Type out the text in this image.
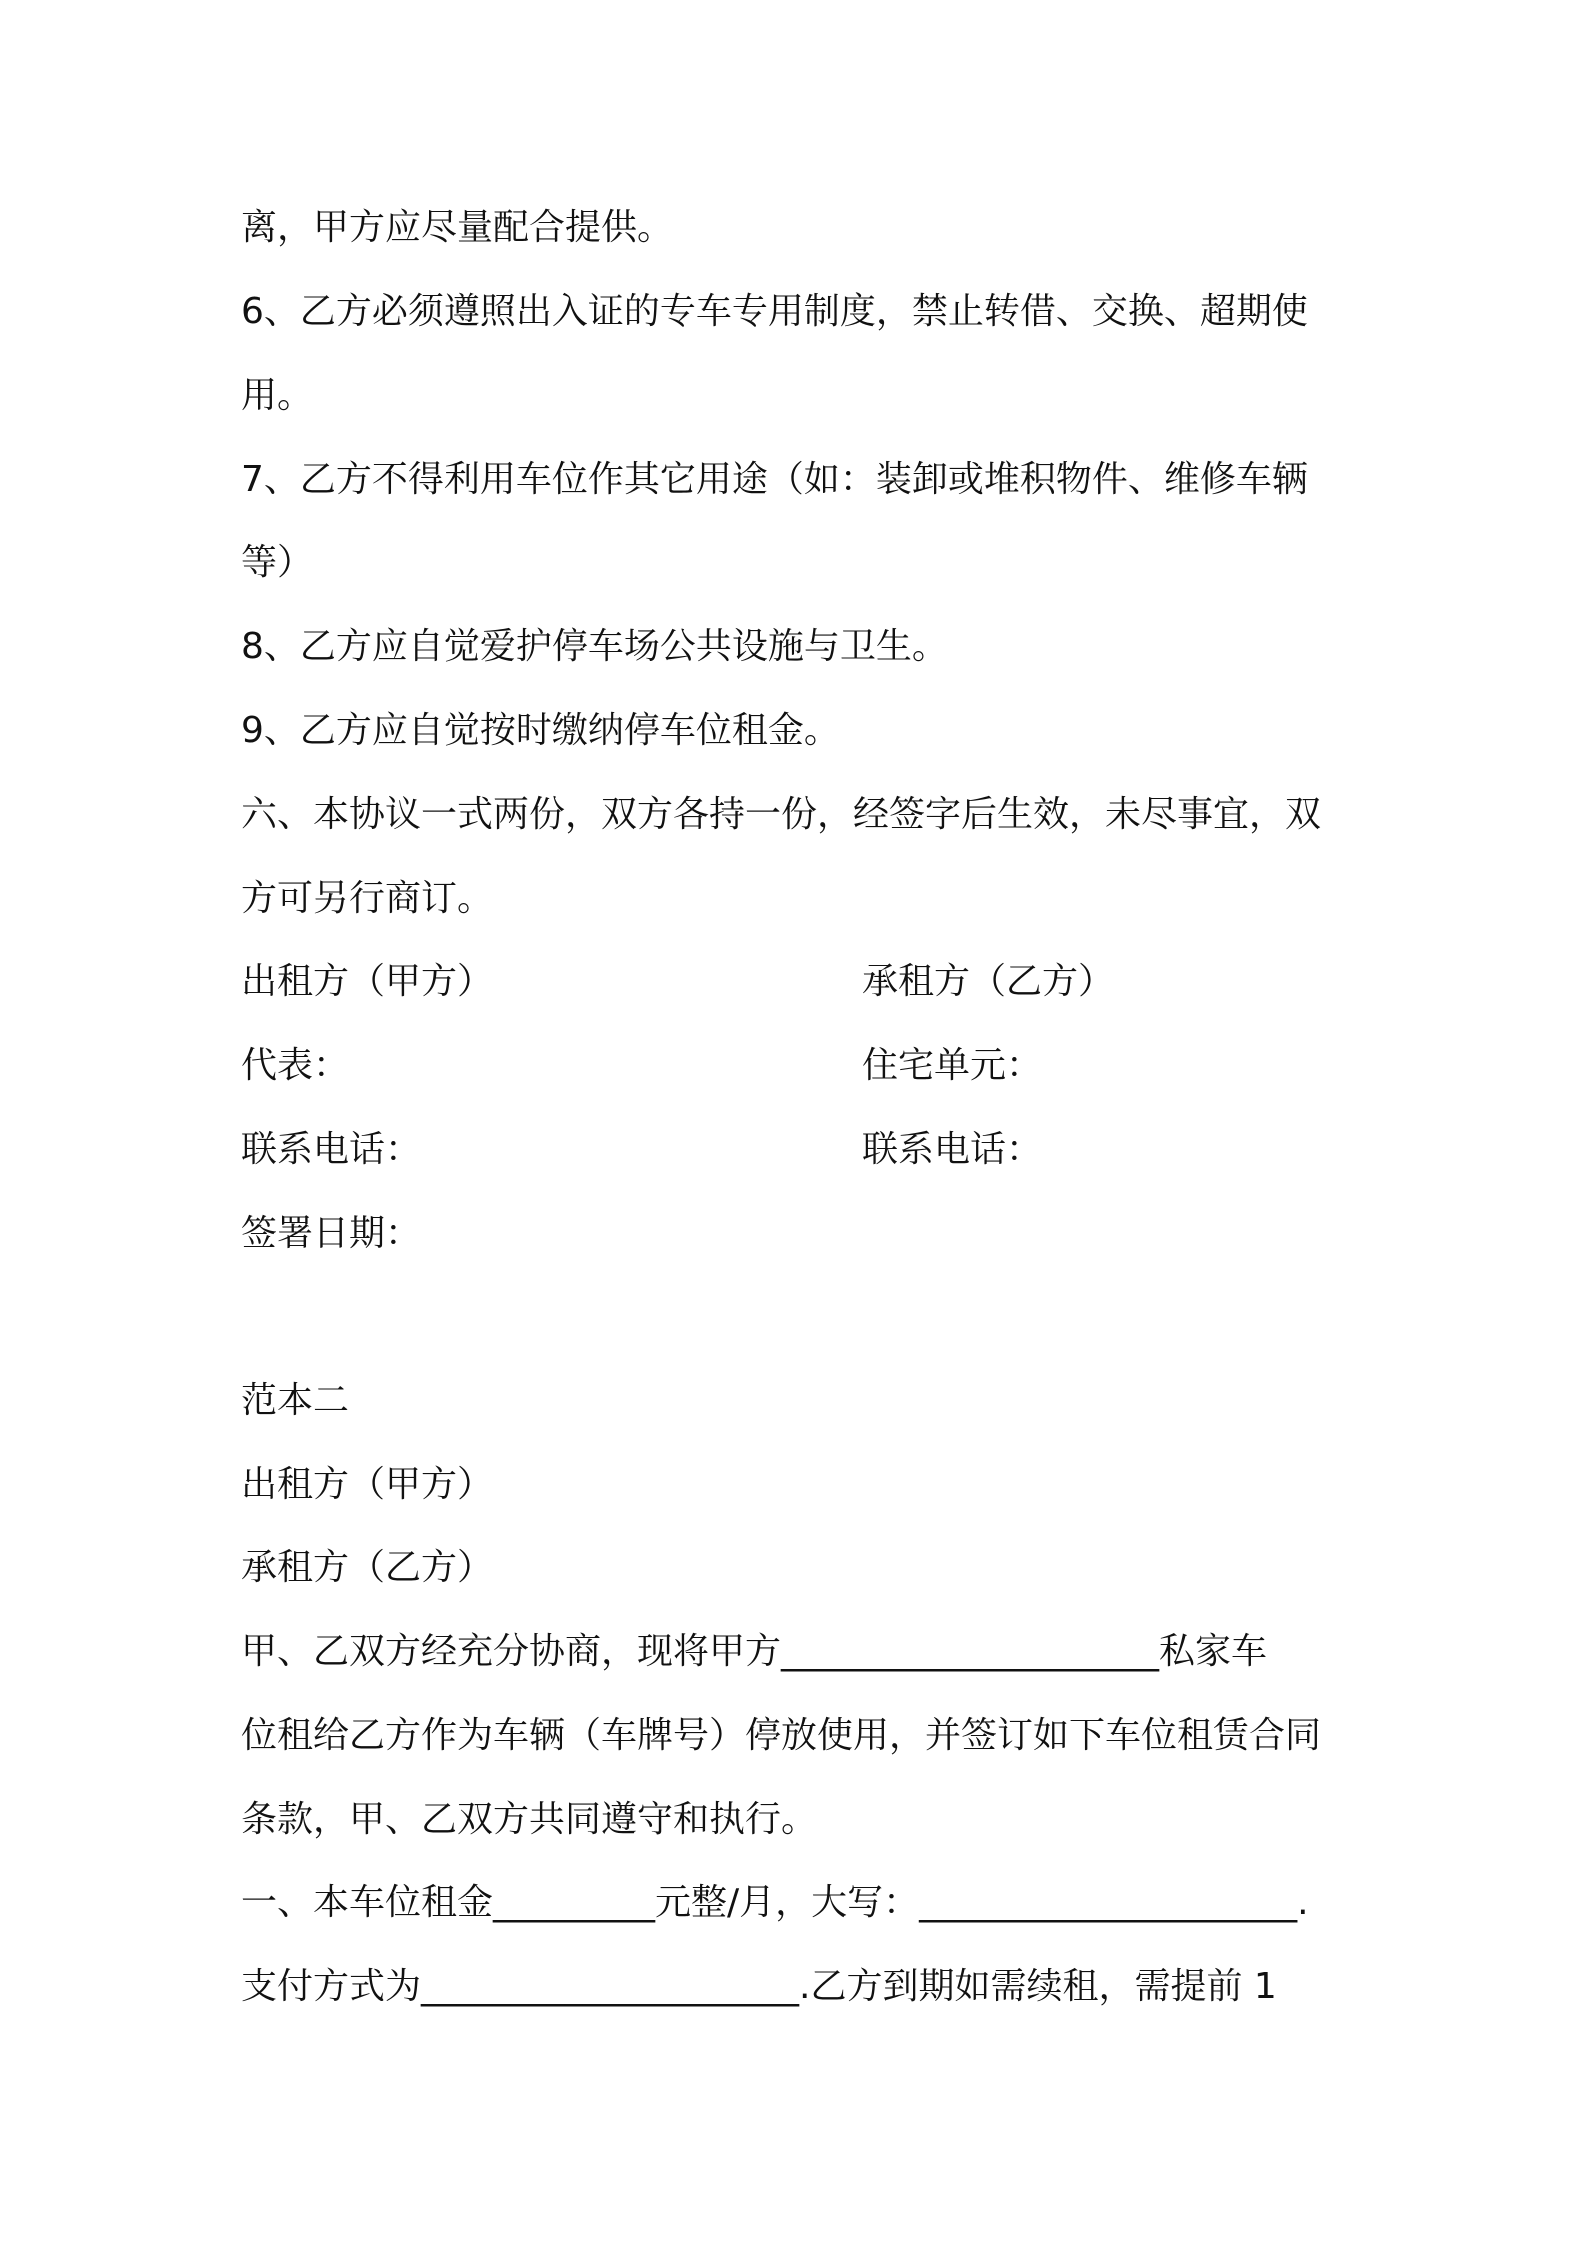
离，甲方应尽量配合提供。
6、乙方必须遵照出入证的专车专用制度，禁止转借、交换、超期使
用。
7、乙方不得利用车位作其它用途（如：装卸或堆积物件、维修车辆
等）
8、乙方应自觉爱护停车场公共设施与卫生。
9、乙方应自觉按时缴纳停车位租金。
六、本协议一式两份，双方各持一份，经签字后生效，未尽事宜，双
方可另行商订。
出租方（甲方）	承租方（乙方）
代表：	住宅单元：
联系电话：	联系电话：
签署日期：
范本二
出租方（甲方）
承租方（乙方）
甲、乙双方经充分协商，现将甲方_____________________私家车
位租给乙方作为车辆（车牌号）停放使用，并签订如下车位租赁合同
条款，甲、乙双方共同遵守和执行。
一、本车位租金_________元整/月，大写：_____________________.
支付方式为_____________________.乙方到期如需续租，需提前 1
